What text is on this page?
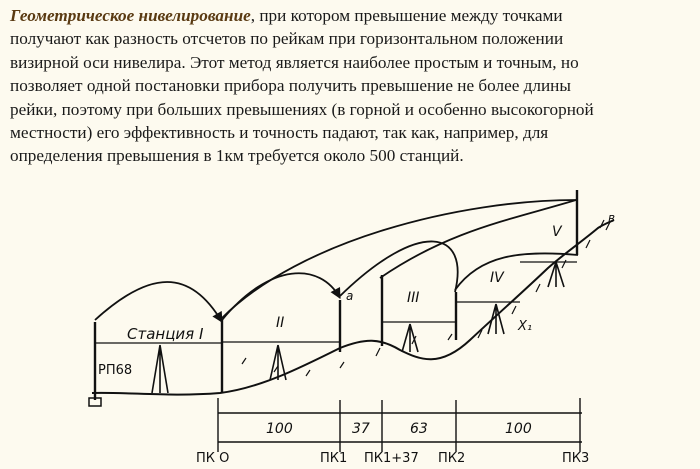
Геометрическое нивелирование, при котором превышение между точками
получают как разность отсчетов по рейкам при горизонтальном положении
визирной оси нивелира. Этот метод является наиболее простым и точным, но
позволяет одной постановки прибора получить превышение не более длины
рейки, поэтому при больших превышениях (в горной и особенно высокогорной
местности) его эффективность и точность падают, так как, например, для
определения превышения в 1км требуется около 500 станций.
РП68
Станция I
II
III
IV
V
X₁
a
в
100	37	63	100
ПК О	ПК1 ПК1+37 ПК2	ПК3
